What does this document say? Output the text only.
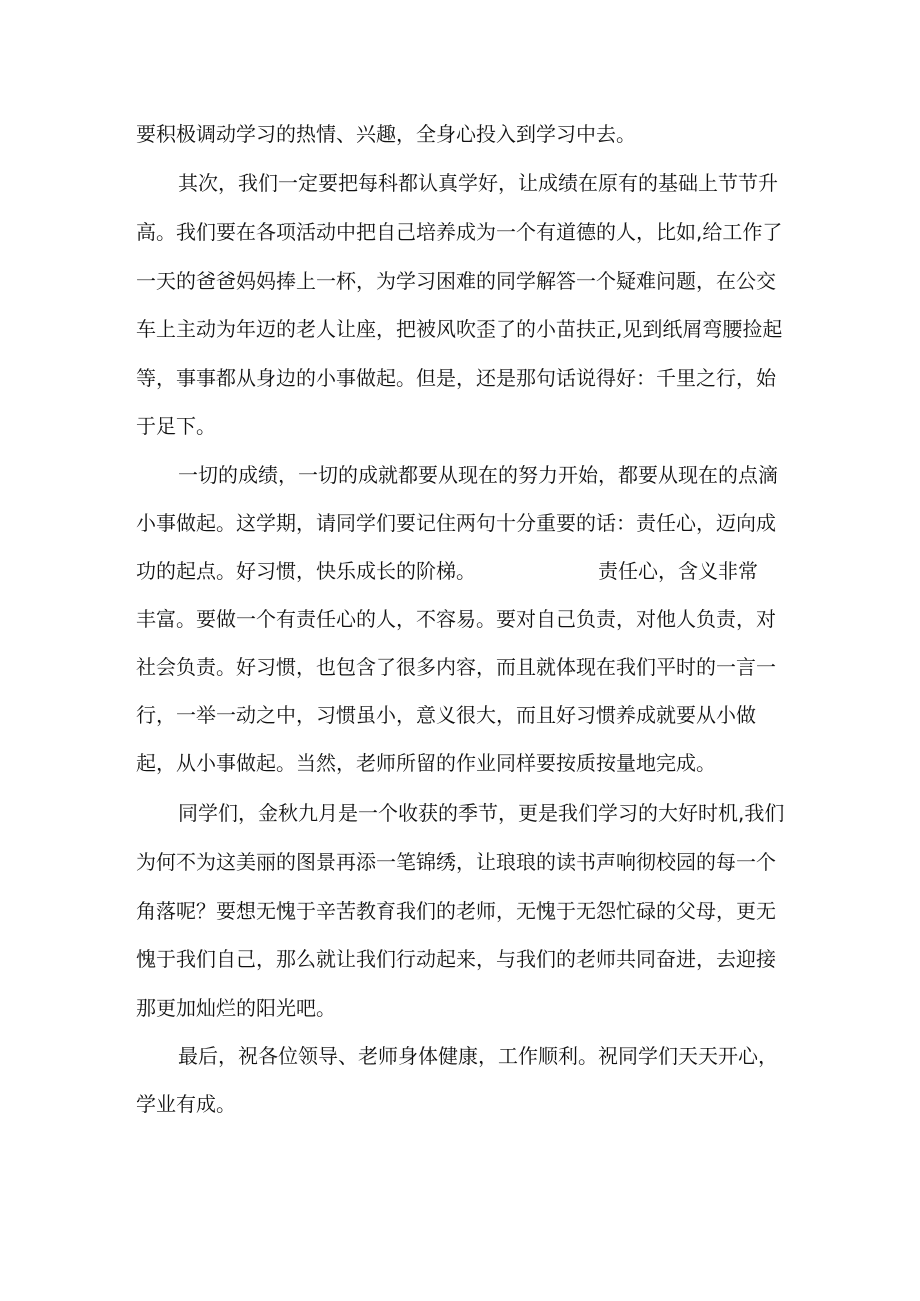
要积极调动学习的热情、兴趣，全身心投入到学习中去。
其次，我们一定要把每科都认真学好，让成绩在原有的基础上节节升
高。我们要在各项活动中把自己培养成为一个有道德的人，比如,给工作了
一天的爸爸妈妈捧上一杯，为学习困难的同学解答一个疑难问题，在公交
车上主动为年迈的老人让座，把被风吹歪了的小苗扶正,见到纸屑弯腰捡起
等，事事都从身边的小事做起。但是，还是那句话说得好：千里之行，始
于足下。
一切的成绩，一切的成就都要从现在的努力开始，都要从现在的点滴
小事做起。这学期，请同学们要记住两句十分重要的话：责任心，迈向成
功的起点。好习惯，快乐成长的阶梯。	责任心，含义非常
丰富。要做一个有责任心的人，不容易。要对自己负责，对他人负责，对
社会负责。好习惯，也包含了很多内容，而且就体现在我们平时的一言一
行，一举一动之中，习惯虽小，意义很大，而且好习惯养成就要从小做
起，从小事做起。当然，老师所留的作业同样要按质按量地完成。
同学们，金秋九月是一个收获的季节，更是我们学习的大好时机,我们
为何不为这美丽的图景再添一笔锦绣，让琅琅的读书声响彻校园的每一个
角落呢？要想无愧于辛苦教育我们的老师，无愧于无怨忙碌的父母，更无
愧于我们自己，那么就让我们行动起来，与我们的老师共同奋进，去迎接
那更加灿烂的阳光吧。
最后，祝各位领导、老师身体健康，工作顺利。祝同学们天天开心，
学业有成。
